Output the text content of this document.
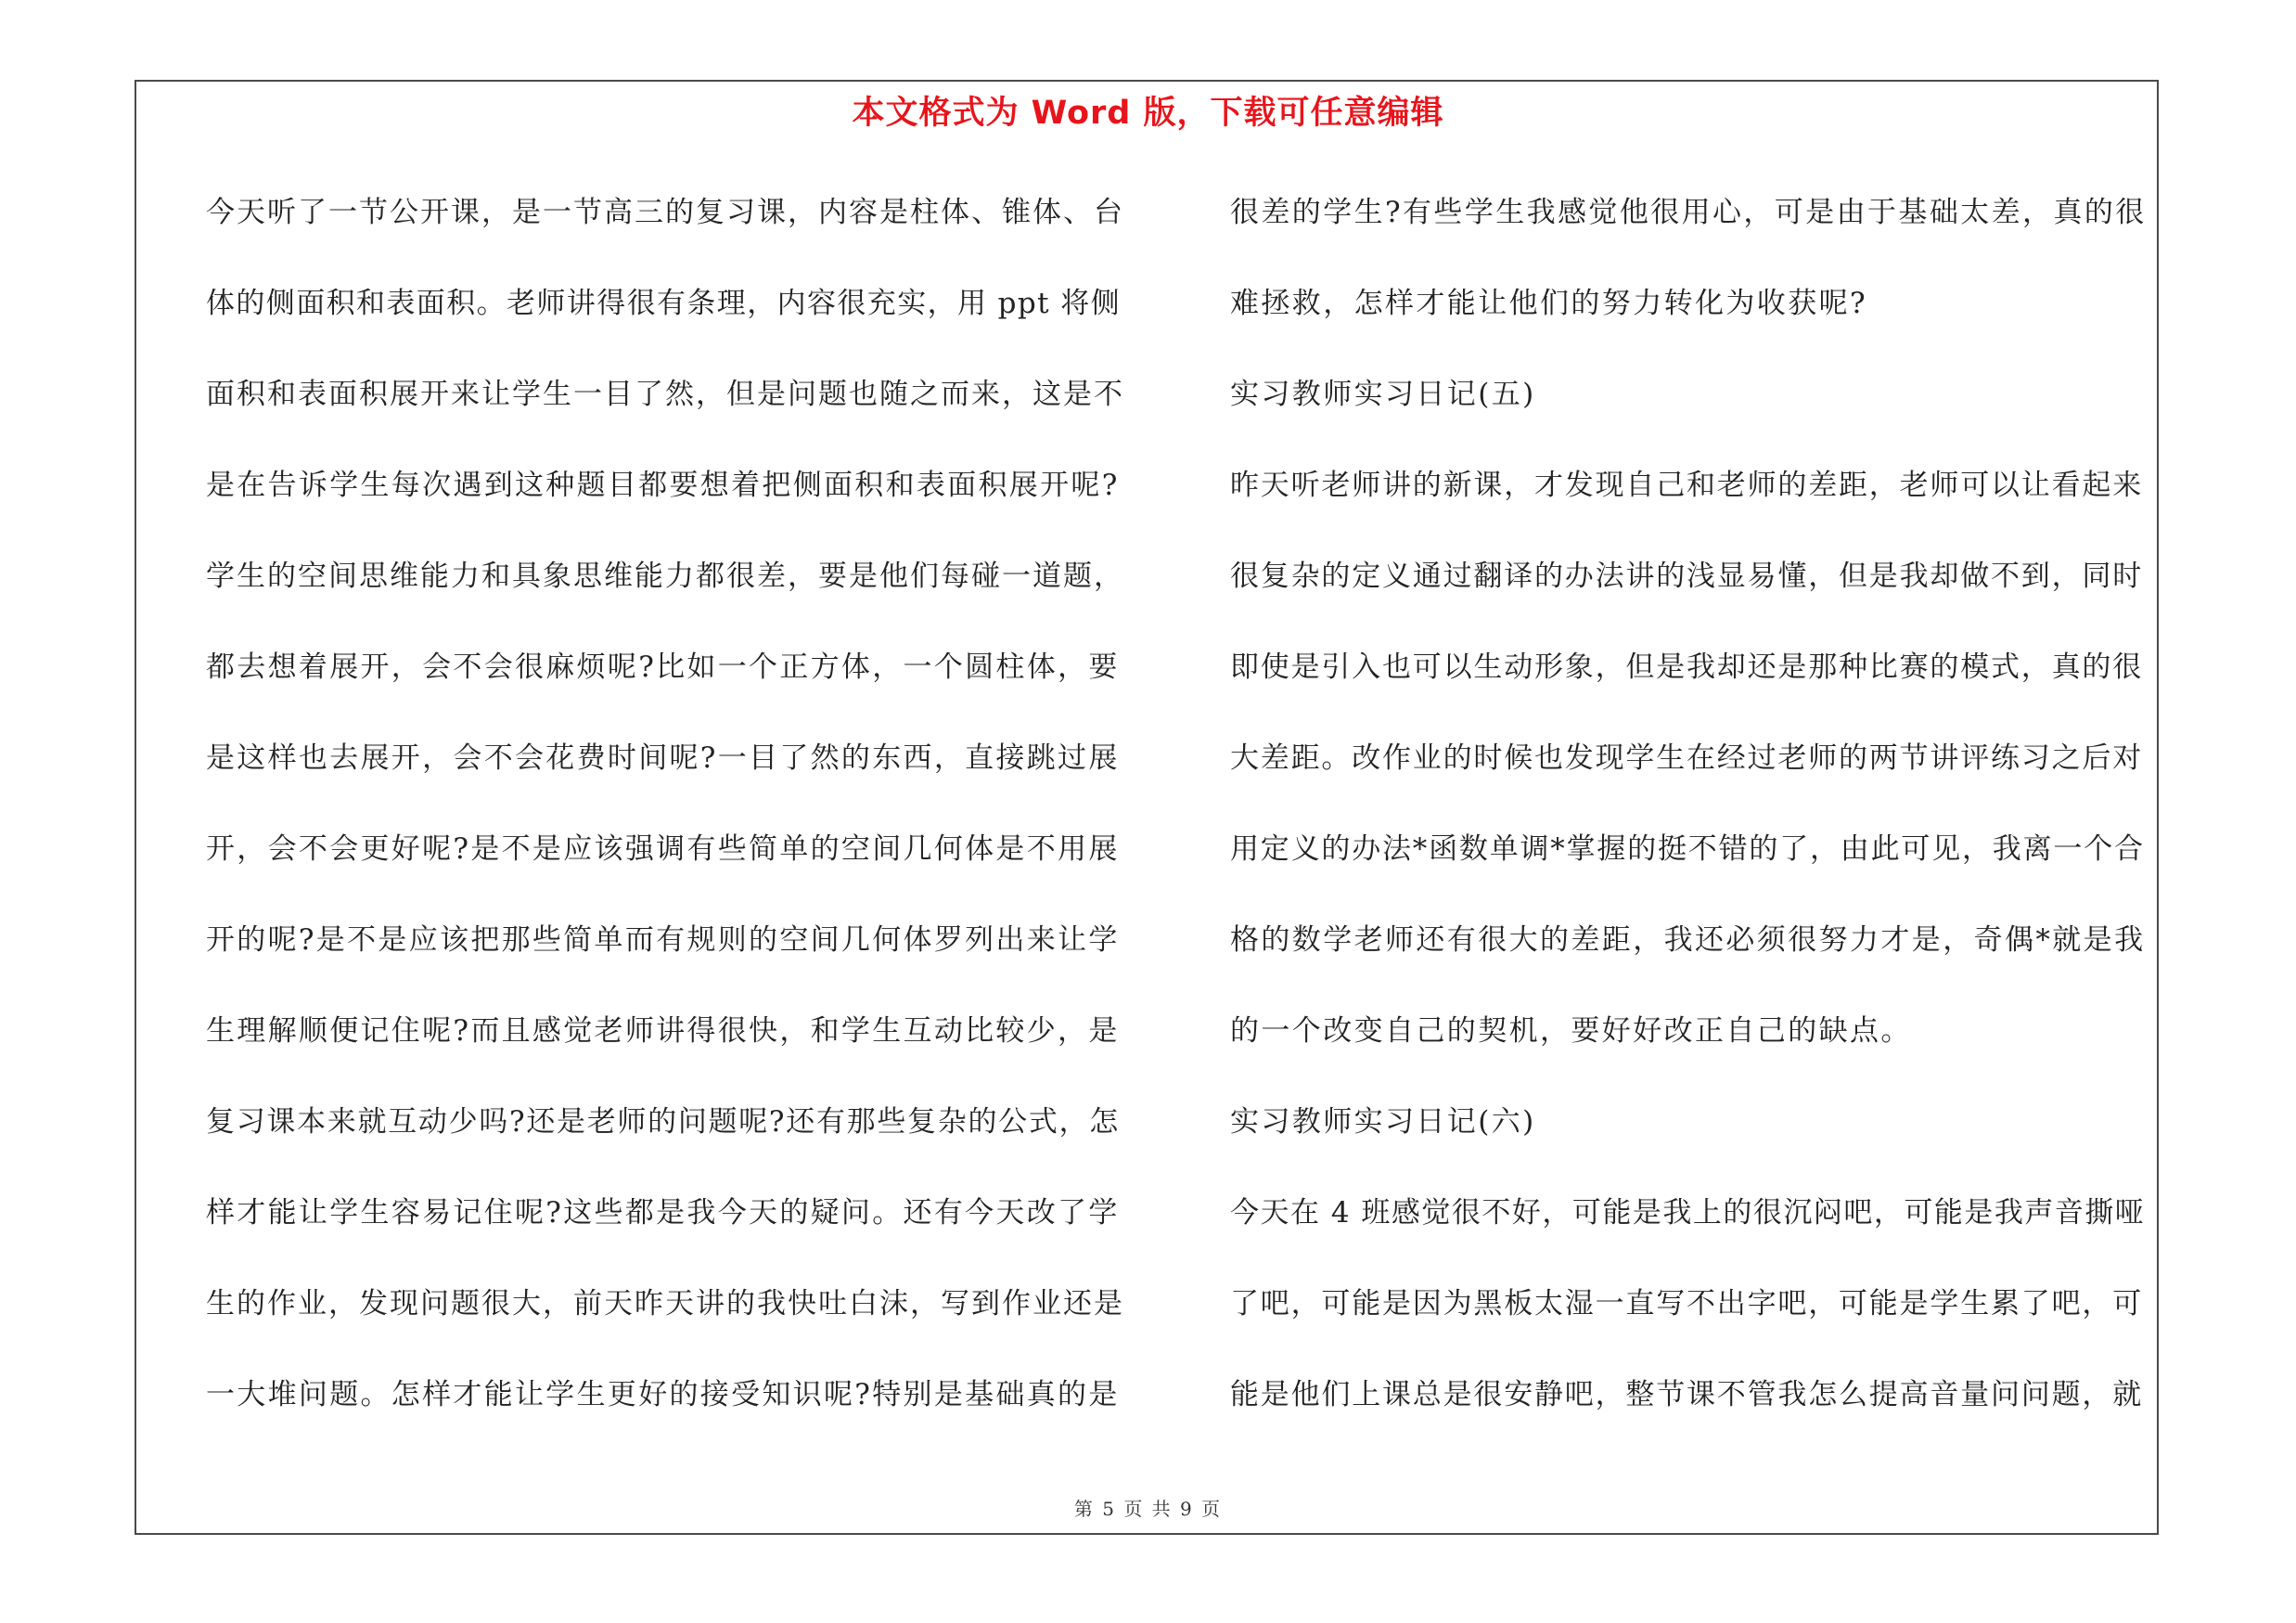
本文格式为 Word 版，下载可任意编辑
今天听了一节公开课，是一节高三的复习课，内容是柱体、锥体、台
体的侧面积和表面积。老师讲得很有条理，内容很充实，用 ppt 将侧
面积和表面积展开来让学生一目了然，但是问题也随之而来，这是不
是在告诉学生每次遇到这种题目都要想着把侧面积和表面积展开呢?
学生的空间思维能力和具象思维能力都很差，要是他们每碰一道题，
都去想着展开，会不会很麻烦呢?比如一个正方体，一个圆柱体，要
是这样也去展开，会不会花费时间呢?一目了然的东西，直接跳过展
开，会不会更好呢?是不是应该强调有些简单的空间几何体是不用展
开的呢?是不是应该把那些简单而有规则的空间几何体罗列出来让学
生理解顺便记住呢?而且感觉老师讲得很快，和学生互动比较少，是
复习课本来就互动少吗?还是老师的问题呢?还有那些复杂的公式，怎
样才能让学生容易记住呢?这些都是我今天的疑问。还有今天改了学
生的作业，发现问题很大，前天昨天讲的我快吐白沫，写到作业还是
一大堆问题。怎样才能让学生更好的接受知识呢?特别是基础真的是
很差的学生?有些学生我感觉他很用心，可是由于基础太差，真的很
难拯救，怎样才能让他们的努力转化为收获呢?
实习教师实习日记(五)
昨天听老师讲的新课，才发现自己和老师的差距，老师可以让看起来
很复杂的定义通过翻译的办法讲的浅显易懂，但是我却做不到，同时
即使是引入也可以生动形象，但是我却还是那种比赛的模式，真的很
大差距。改作业的时候也发现学生在经过老师的两节讲评练习之后对
用定义的办法*函数单调*掌握的挺不错的了，由此可见，我离一个合
格的数学老师还有很大的差距，我还必须很努力才是，奇偶*就是我
的一个改变自己的契机，要好好改正自己的缺点。
实习教师实习日记(六)
今天在 4 班感觉很不好，可能是我上的很沉闷吧，可能是我声音撕哑
了吧，可能是因为黑板太湿一直写不出字吧，可能是学生累了吧，可
能是他们上课总是很安静吧，整节课不管我怎么提高音量问问题，就
第 5 页 共 9 页
